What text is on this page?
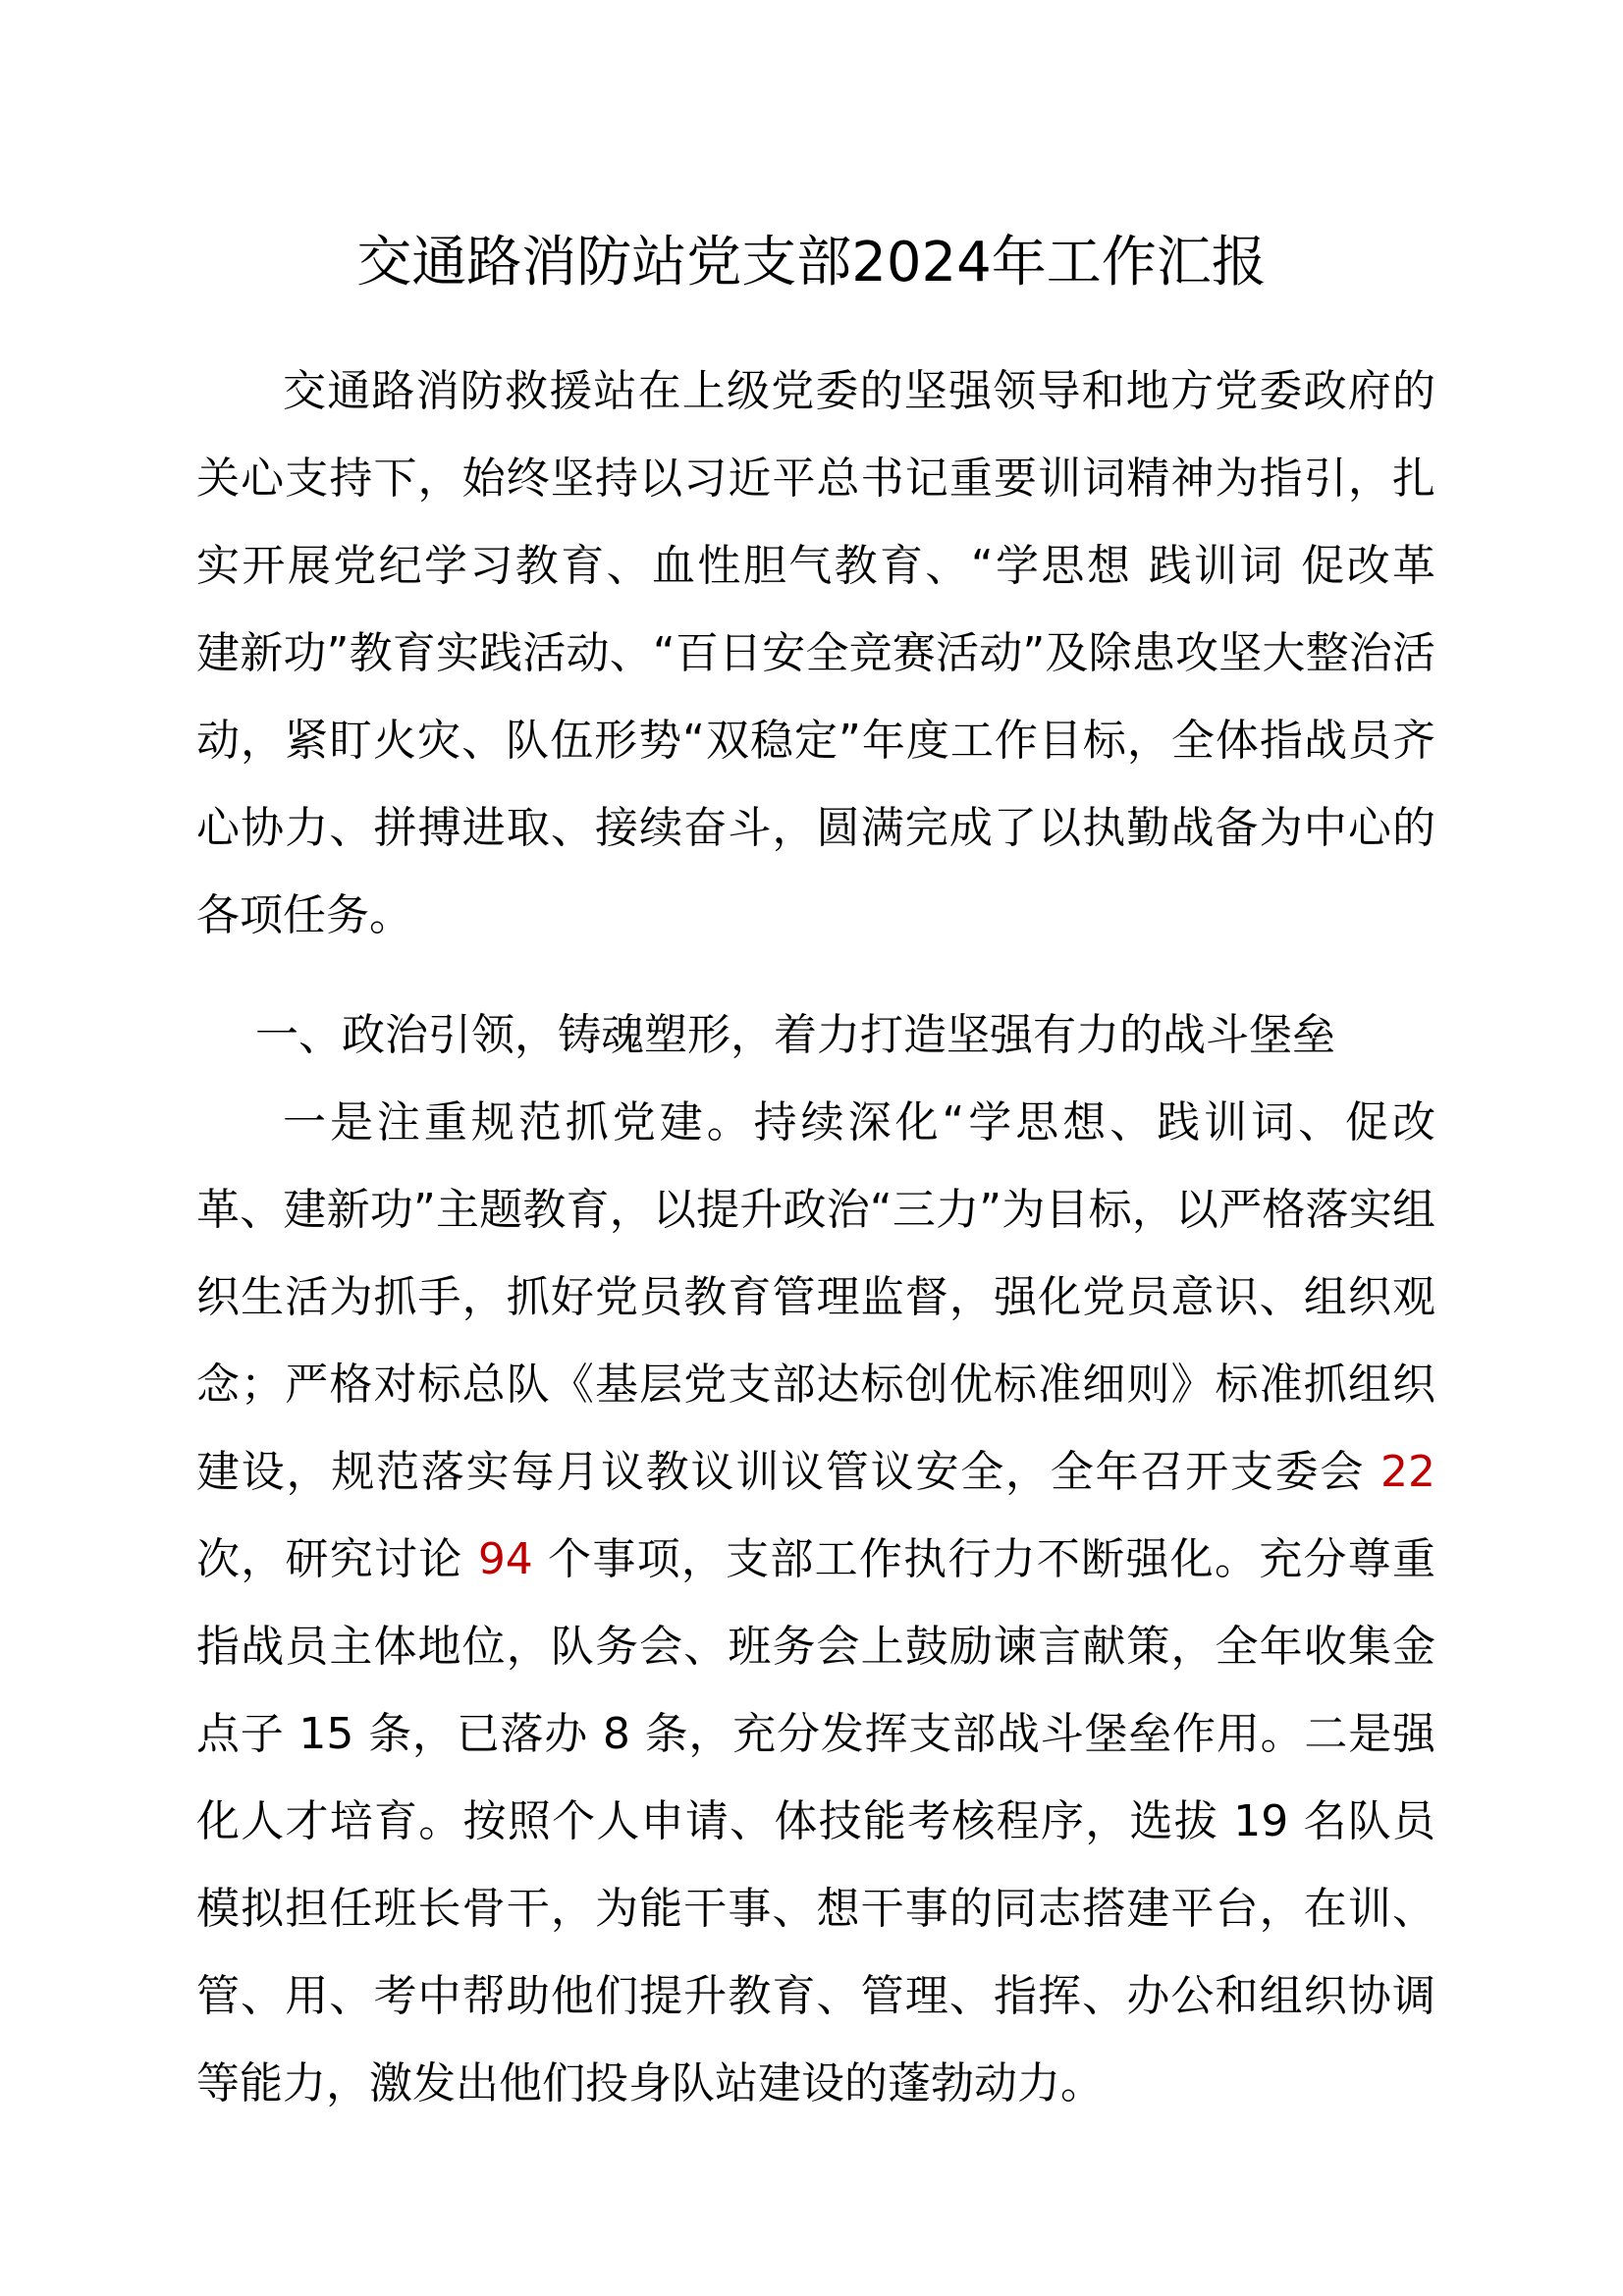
交通路消防站党支部2024年工作汇报
交通路消防救援站在上级党委的坚强领导和地方党委政府的
关心支持下，始终坚持以习近平总书记重要训词精神为指引，扎
实开展党纪学习教育、血性胆气教育、“学思想 践训词 促改革
建新功”教育实践活动、“百日安全竞赛活动”及除患攻坚大整治活
动，紧盯火灾、队伍形势“双稳定”年度工作目标，全体指战员齐
心协力、拼搏进取、接续奋斗，圆满完成了以执勤战备为中心的
各项任务。
一、政治引领，铸魂塑形，着力打造坚强有力的战斗堡垒
一是注重规范抓党建。持续深化“学思想、践训词、促改
革、建新功”主题教育，以提升政治“三力”为目标，以严格落实组
织生活为抓手，抓好党员教育管理监督，强化党员意识、组织观
念；严格对标总队《基层党支部达标创优标准细则》标准抓组织
建设，规范落实每月议教议训议管议安全，全年召开支委会 22
次，研究讨论 94 个事项，支部工作执行力不断强化。充分尊重
指战员主体地位，队务会、班务会上鼓励谏言献策，全年收集金
点子 15 条，已落办 8 条，充分发挥支部战斗堡垒作用。二是强
化人才培育。按照个人申请、体技能考核程序，选拔 19 名队员
模拟担任班长骨干，为能干事、想干事的同志搭建平台，在训、
管、用、考中帮助他们提升教育、管理、指挥、办公和组织协调
等能力，激发出他们投身队站建设的蓬勃动力。
